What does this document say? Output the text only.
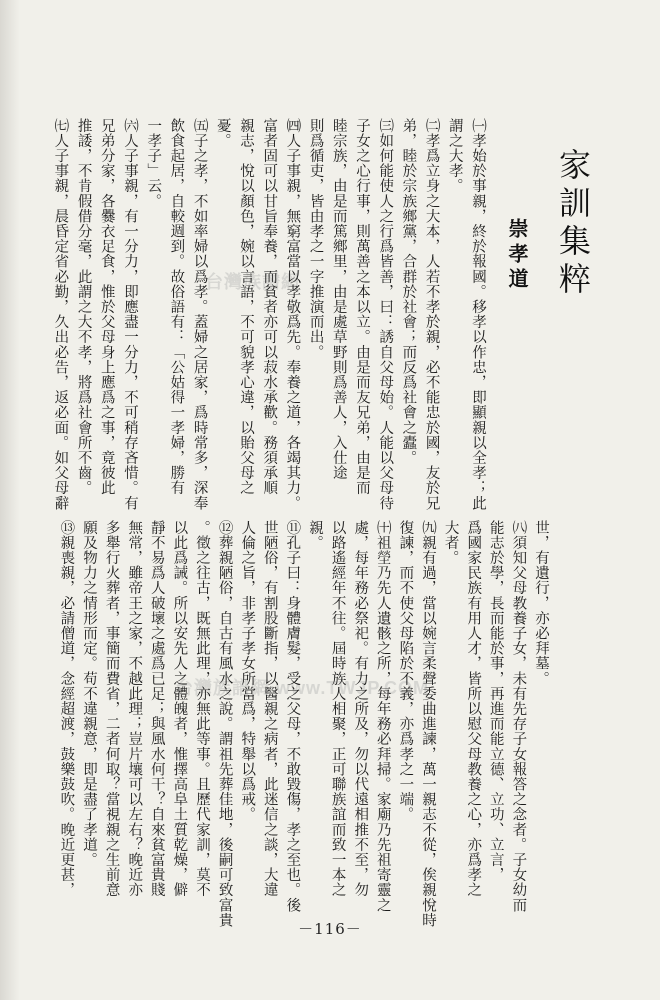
台灣族譜網
台灣族譜網 www.TWJP.COM
家訓集粹
崇孝道
㈠孝始於事親，終於報國。移孝以作忠，即顯親以全孝；此
謂之大孝。
㈡孝爲立身之大本，人若不孝於親，必不能忠於國，友於兄
弟，睦於宗族鄉黨，合群於社會；而反爲社會之蠹。
㈢如何能使人之行爲皆善，曰：誘自父母始。人能以父母待
子女之心行事，則萬善之本以立。由是而友兄弟，由是而
睦宗族，由是而篤鄉里，由是處草野則爲善人，入仕途
則爲循吏，皆由孝之一字推演而出。
㈣人子事親，無窮富當以孝敬爲先。奉養之道，各竭其力。
富者固可以甘旨奉養，而貧者亦可以菽水承歡。務須承順
親志，悅以顏色，婉以言語，不可貌孝心違，以貽父母之
憂。
㈤子之孝，不如率婦以爲孝。蓋婦之居家，爲時常多，深奉
飲食起居，自較週到。故俗語有：「公姑得一孝婦，勝有
一孝子」云。
㈥人子事親，有一分力，即應盡一分力，不可稍存吝惜。有
兄弟分家，各爨衣足食，惟於父母身上應爲之事，竟彼此
推諉，不肯假借分毫，此謂之大不孝，將爲社會所不齒。
㈦人子事親，晨昏定省必勤，久出必告，返必面。如父母辭
世，有遺行，亦必拜墓。
㈧須知父母教養子女，未有先存子女報答之念者。子女幼而
能志於學，長而能於事，再進而能立德、立功、立言，
爲國家民族有用人才，皆所以慰父母教養之心，亦爲孝之
大者。
㈨親有過，當以婉言柔聲委曲進諫，萬一親志不從，俟親悅時
復諫，而不使父母陷於不義，亦爲孝之一端。
㈩祖塋乃先人遺骸之所，每年務必拜掃。家廟乃先祖寄靈之
處，每年務必祭祀。有力之所及，勿以代遠相推不至，勿
以路遙經年不往。屆時族人相聚，正可聯族誼而致一本之
親。
⑪孔子曰：身體膚髮，受之父母，不敢毀傷，孝之至也。後
世陋俗，有割股斷指，以醫親之病者，此迷信之談，大違
人倫之旨，非孝子孝女所當爲，特舉以爲戒。
⑫葬親陋俗，自古有風水之說。謂祖先葬佳地，後嗣可致富貴
。徵之往古，既無此理，亦無此等事。且歷代家訓，莫不
以此爲誡。所以安先人之體魄者，惟擇高阜土質乾燥，僻
靜不易爲人破壞之處爲已足；與風水何干？自來貧富貴賤
無常，雖帝王之家，不越此理；豈片壤可以左右？晚近亦
多舉行火葬者，事簡而費省，二者何取？當視親之生前意
願及物力之情形而定。苟不違親意，即是盡了孝道。
⑬親喪親，必請僧道，念經超渡，鼓樂鼓吹。晚近更甚，
－116－
